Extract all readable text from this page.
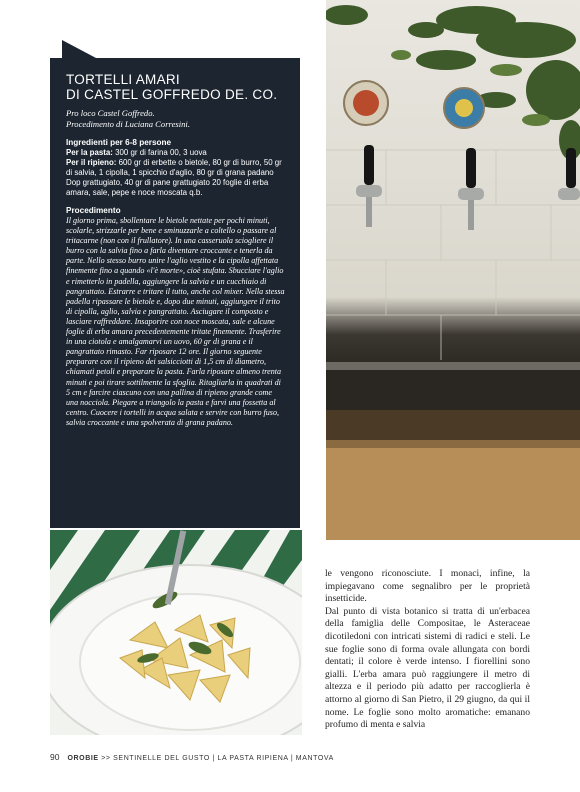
TORTELLI AMARI
DI CASTEL GOFFREDO DE. CO.
Pro loco Castel Goffredo.
Procedimento di Luciana Corresini.
Ingredienti per 6-8 persone
Per la pasta: 300 gr di farina 00, 3 uova
Per il ripieno: 600 gr di erbette o bietole, 80 gr di burro, 50 gr di salvia, 1 cipolla, 1 spicchio d'aglio, 80 gr di grana padano Dop grattugiato, 40 gr di pane grattugiato 20 foglie di erba amara, sale, pepe e noce moscata q.b.
Procedimento
Il giorno prima, sbollentare le bietole nettate per pochi minuti, scolarle, strizzarle per bene e sminuzzarle a coltello o passare al tritacarne (non con il frullatore). In una casseruola sciogliere il burro con la salvia fino a farla diventare croccante e tenerla da parte. Nello stesso burro unire l'aglio vestito e la cipolla affettata finemente fino a quando «l'è morte», cioè stufata. Sbucciare l'aglio e rimetterlo in padella, aggiungere la salvia e un cucchiaio di pangrattato. Estrarre e tritare il tutto, anche col mixer. Nella stessa padella ripassare le bietole e, dopo due minuti, aggiungere il trito di cipolla, aglio, salvia e pangrattato. Asciugare il composto e lasciare raffreddare. Insaporire con noce moscata, sale e alcune foglie di erba amara precedentemente tritate finemente. Trasferire in una ciotola e amalgamarvi un uovo, 60 gr di grana e il pangrattato rimasto. Far riposare 12 ore. Il giorno seguente preparare con il ripieno dei salsicciotti di 1,5 cm di diametro, chiamati petoli e preparare la pasta. Farla riposare almeno trenta minuti e poi tirare sottilmente la sfoglia. Ritagliarla in quadrati di 5 cm e farcire ciascuno con una pallina di ripieno grande come una nocciola. Piegare a triangolo la pasta e farvi una fossetta al centro. Cuocere i tortelli in acqua salata e servire con burro fuso, salvia croccante e una spolverata di grana padano.

le vengono riconosciute. I monaci, infine, la impiegavano come segnalibro per le proprietà insetticide.

Dal punto di vista botanico si tratta di un'erbacea della famiglia delle Compositae, le Asteraceae dicotiledoni con intricati sistemi di radici e steli. Le sue foglie sono di forma ovale allungata con bordi dentati; il colore è verde intenso. I fiorellini sono gialli. L'erba amara può raggiungere il metro di altezza e il periodo più adatto per raccoglierla è attorno al giorno di San Pietro, il 29 giugno, da qui il nome. Le foglie sono molto aromatiche: emanano profumo di menta e salvia

90 OROBIE >> SENTINELLE DEL GUSTO | LA PASTA RIPIENA | MANTOVA
